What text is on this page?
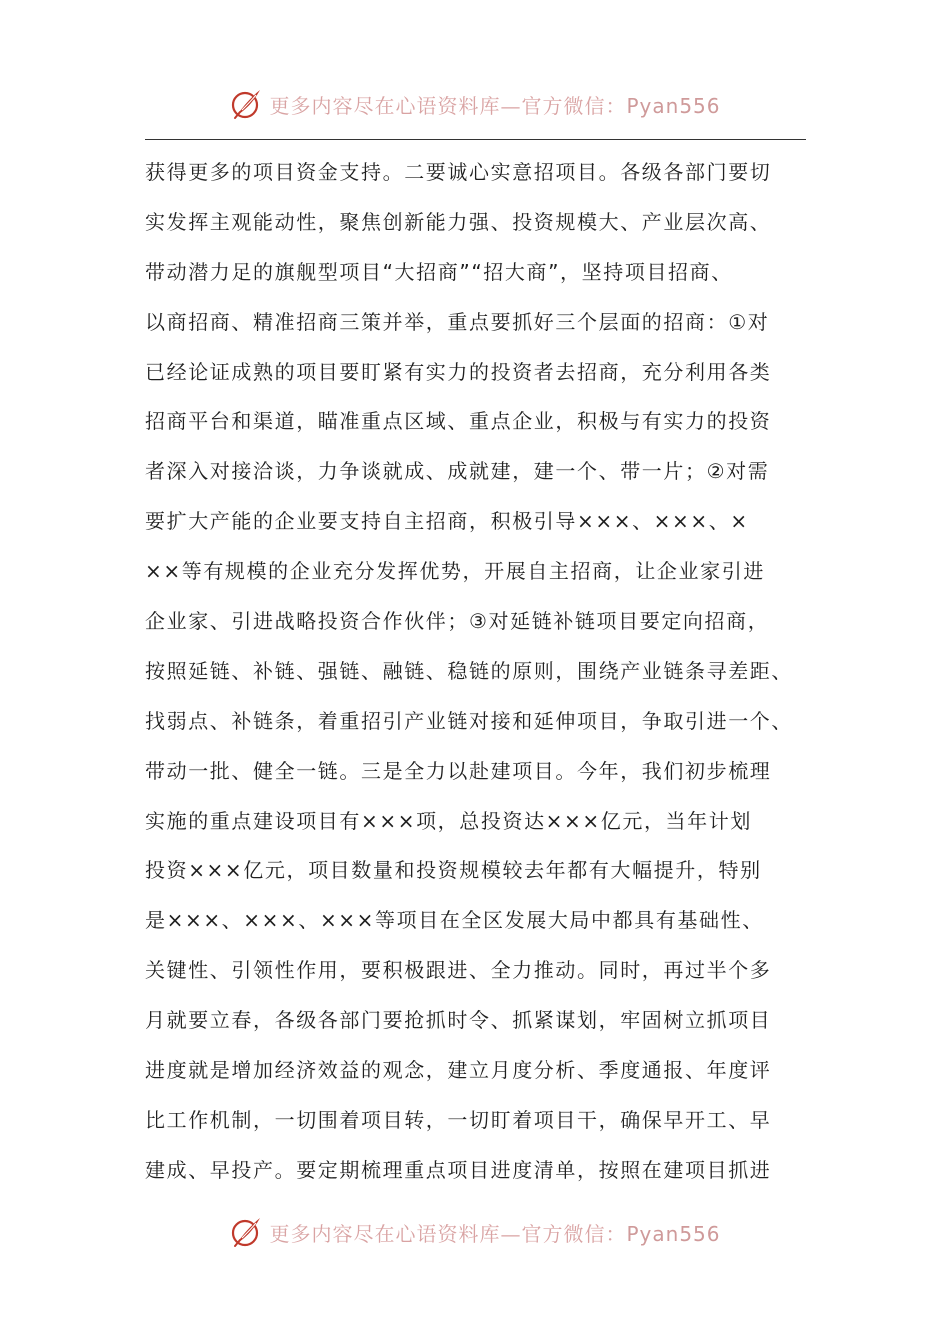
更多内容尽在心语资料库—官方微信：Pyan556
获得更多的项目资金支持。二要诚心实意招项目。各级各部门要切
实发挥主观能动性，聚焦创新能力强、投资规模大、产业层次高、
带动潜力足的旗舰型项目“大招商”“招大商”，坚持项目招商、
以商招商、精准招商三策并举，重点要抓好三个层面的招商：①对
已经论证成熟的项目要盯紧有实力的投资者去招商，充分利用各类
招商平台和渠道，瞄准重点区域、重点企业，积极与有实力的投资
者深入对接洽谈，力争谈就成、成就建，建一个、带一片；②对需
要扩大产能的企业要支持自主招商，积极引导×××、×××、×
××等有规模的企业充分发挥优势，开展自主招商，让企业家引进
企业家、引进战略投资合作伙伴；③对延链补链项目要定向招商，
按照延链、补链、强链、融链、稳链的原则，围绕产业链条寻差距、
找弱点、补链条，着重招引产业链对接和延伸项目，争取引进一个、
带动一批、健全一链。三是全力以赴建项目。今年，我们初步梳理
实施的重点建设项目有×××项，总投资达×××亿元，当年计划
投资×××亿元，项目数量和投资规模较去年都有大幅提升，特别
是×××、×××、×××等项目在全区发展大局中都具有基础性、
关键性、引领性作用，要积极跟进、全力推动。同时，再过半个多
月就要立春，各级各部门要抢抓时令、抓紧谋划，牢固树立抓项目
进度就是增加经济效益的观念，建立月度分析、季度通报、年度评
比工作机制，一切围着项目转，一切盯着项目干，确保早开工、早
建成、早投产。要定期梳理重点项目进度清单，按照在建项目抓进
更多内容尽在心语资料库—官方微信：Pyan556
